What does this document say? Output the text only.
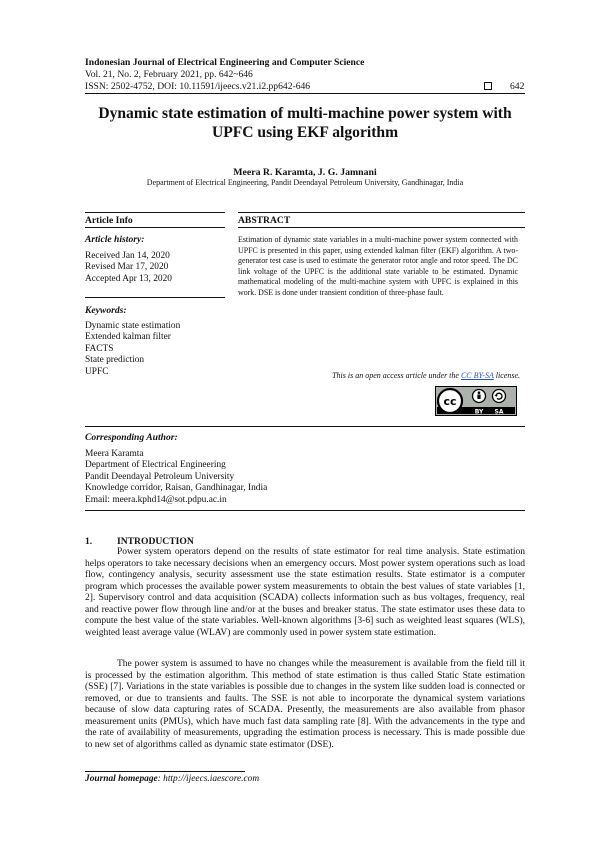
Indonesian Journal of Electrical Engineering and Computer Science
Vol. 21, No. 2, February 2021, pp. 642~646
ISSN: 2502-4752, DOI: 10.11591/ijeecs.v21.i2.pp642-646	642
Dynamic state estimation of multi-machine power system with UPFC using EKF algorithm
Meera R. Karamta, J. G. Jamnani
Department of Electrical Engineering, Pandit Deendayal Petroleum University, Gandhinagar, India
Article Info	ABSTRACT
Article history:
Received Jan 14, 2020
Revised Mar 17, 2020
Accepted Apr 13, 2020
Keywords:
Dynamic state estimation
Extended kalman filter
FACTS
State prediction
UPFC
Estimation of dynamic state variables in a multi-machine power system connected with UPFC is presented in this paper, using extended kalman filter (EKF) algorithm. A two-generator test case is used to estimate the generator rotor angle and rotor speed. The DC link voltage of the UPFC is the additional state variable to be estimated. Dynamic mathematical modeling of the multi-machine system with UPFC is explained in this work. DSE is done under transient condition of three-phase fault.
This is an open access article under the CC BY-SA license.
cc
BY SA
Corresponding Author:
Meera Karamta
Department of Electrical Engineering
Pandit Deendayal Petroleum University
Knowledge corridor, Raisan, Gandhinagar, India
Email: meera.kphd14@sot.pdpu.ac.in
1.	INTRODUCTION
Power system operators depend on the results of state estimator for real time analysis. State estimation helps operators to take necessary decisions when an emergency occurs. Most power system operations such as load flow, contingency analysis, security assessment use the state estimation results. State estimator is a computer program which processes the available power system measurements to obtain the best values of state variables [1, 2]. Supervisory control and data acquisition (SCADA) collects information such as bus voltages, frequency, real and reactive power flow through line and/or at the buses and breaker status. The state estimator uses these data to compute the best value of the state variables. Well-known algorithms [3-6] such as weighted least squares (WLS), weighted least average value (WLAV) are commonly used in power system state estimation.
The power system is assumed to have no changes while the measurement is available from the field till it is processed by the estimation algorithm. This method of state estimation is thus called Static State estimation (SSE) [7]. Variations in the state variables is possible due to changes in the system like sudden load is connected or removed, or due to transients and faults. The SSE is not able to incorporate the dynamical system variations because of slow data capturing rates of SCADA. Presently, the measurements are also available from phasor measurement units (PMUs), which have much fast data sampling rate [8]. With the advancements in the type and the rate of availability of measurements, upgrading the estimation process is necessary. This is made possible due to new set of algorithms called as dynamic state estimator (DSE).
Journal homepage: http://ijeecs.iaescore.com
